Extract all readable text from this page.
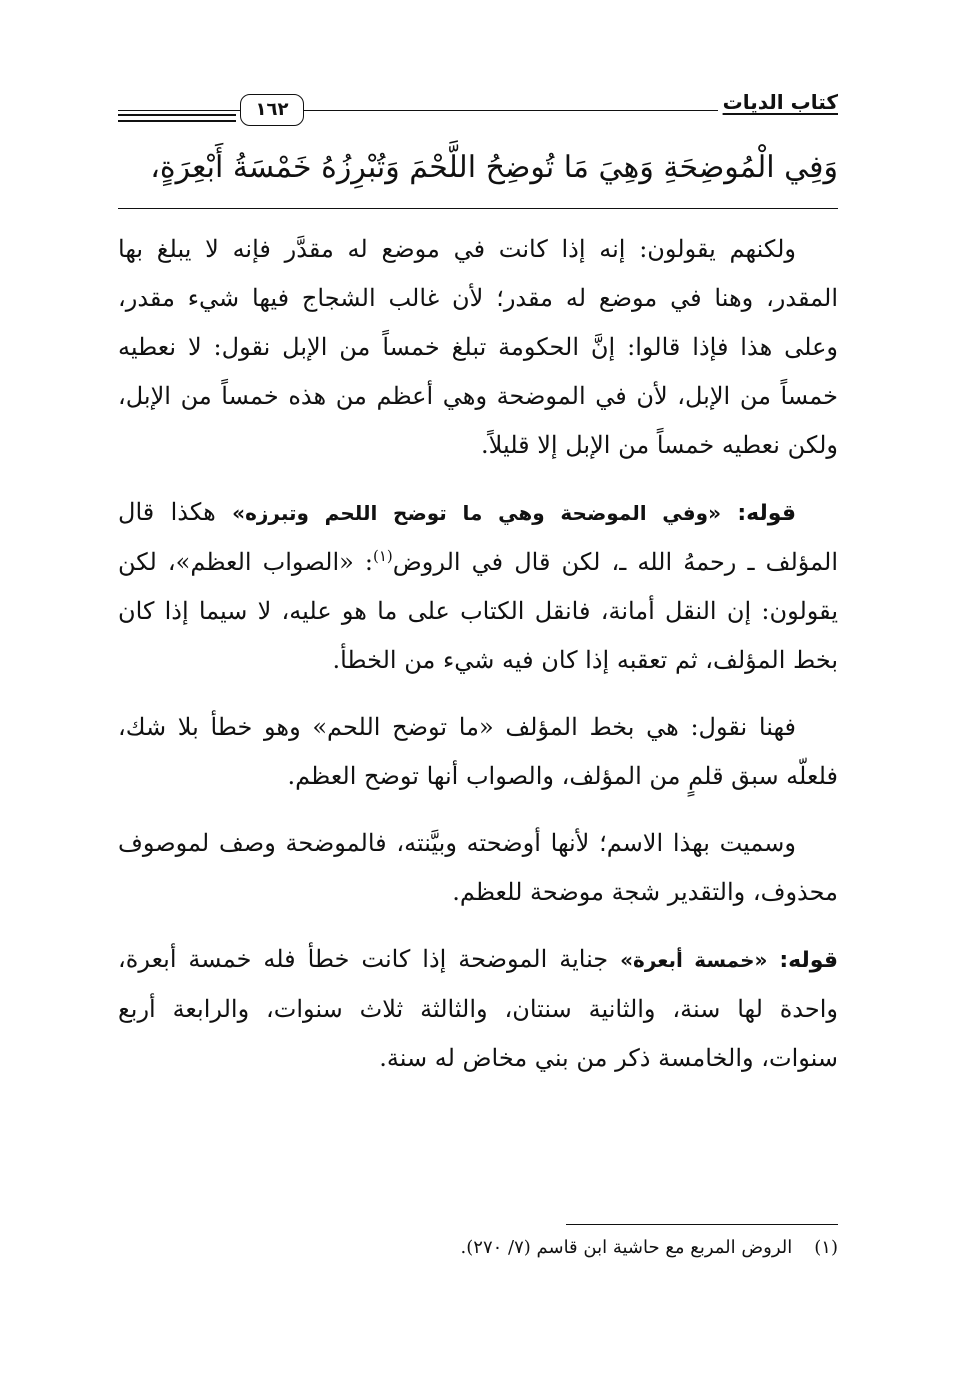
كتاب الديات
١٦٢
وَفِي الْمُوضِحَةِ وَهِيَ مَا تُوضِحُ اللَّحْمَ وَتُبْرِزُهُ خَمْسَةُ أَبْعِرَةٍ،

ولكنهم يقولون: إنه إذا كانت في موضع له مقدَّر فإنه لا يبلغ بها المقدر، وهنا في موضع له مقدر؛ لأن غالب الشجاج فيها شيء مقدر، وعلى هذا فإذا قالوا: إنَّ الحكومة تبلغ خمساً من الإبل نقول: لا نعطيه خمساً من الإبل، لأن في الموضحة وهي أعظم من هذه خمساً من الإبل، ولكن نعطيه خمساً من الإبل إلا قليلاً.

قوله: «وفي الموضحة وهي ما توضح اللحم وتبرزه» هكذا قال المؤلف ـ رحمهُ الله ـ، لكن قال في الروض$^{(١)}$: «الصواب العظم»، لكن يقولون: إن النقل أمانة، فانقل الكتاب على ما هو عليه، لا سيما إذا كان بخط المؤلف، ثم تعقبه إذا كان فيه شيء من الخطأ.

فهنا نقول: هي بخط المؤلف «ما توضح اللحم» وهو خطأ بلا شك، فلعلّه سبق قلمٍ من المؤلف، والصواب أنها توضح العظم.

وسميت بهذا الاسم؛ لأنها أوضحته وبيَّنته، فالموضحة وصف لموصوف محذوف، والتقدير شجة موضحة للعظم.

قوله: «خمسة أبعرة» جناية الموضحة إذا كانت خطأ فله خمسة أبعرة، واحدة لها سنة، والثانية سنتان، والثالثة ثلاث سنوات، والرابعة أربع سنوات، والخامسة ذكر من بني مخاض له سنة.

(١)الروض المربع مع حاشية ابن قاسم (٧/ ٢٧٠).
